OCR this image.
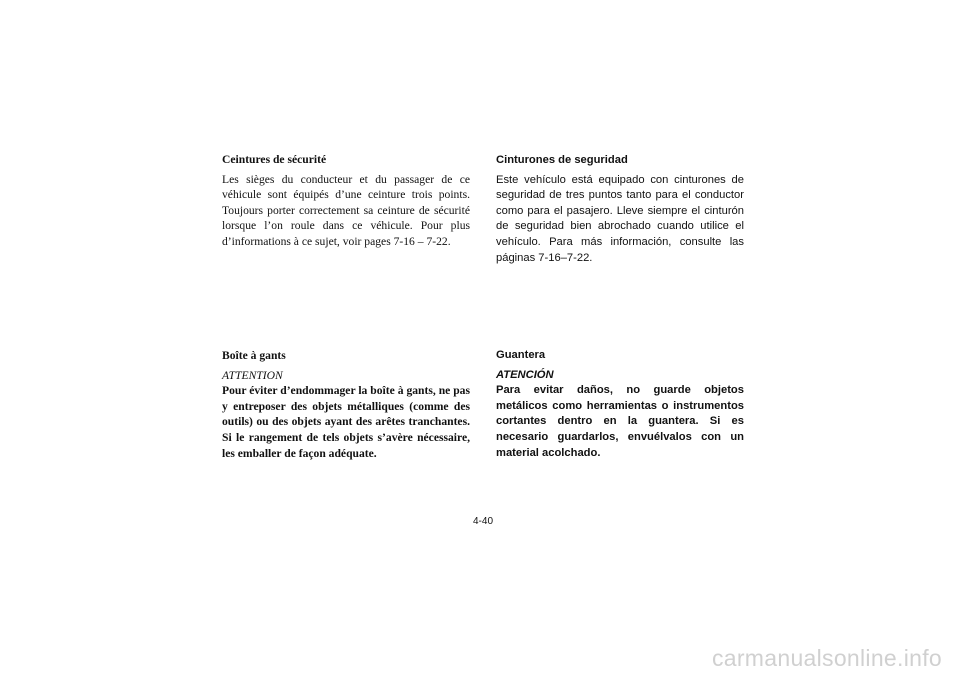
Ceintures de sécurité

Les sièges du conducteur et du passager de ce véhicule sont équipés d’une ceinture trois points. Toujours porter correctement sa ceinture de sécurité lorsque l’on roule dans ce véhicule. Pour plus d’informations à ce sujet, voir pages 7-16 – 7-22.

Boîte à gants
ATTENTION

Pour éviter d’endommager la boîte à gants, ne pas y entreposer des objets métalliques (comme des outils) ou des objets ayant des arêtes tranchantes. Si le rangement de tels objets s’avère nécessaire, les emballer de façon adéquate.

Cinturones de seguridad

Este vehículo está equipado con cinturones de seguridad de tres puntos tanto para el conductor como para el pasajero. Lleve siempre el cinturón de seguridad bien abrochado cuando utilice el vehículo. Para más información, consulte las páginas 7-16–7-22.

Guantera
ATENCIÓN

Para evitar daños, no guarde objetos metálicos como herramientas o instrumentos cortantes dentro en la guantera. Si es necesario guardarlos, envuélvalos con un material acolchado.

4-40
carmanualsonline.info
